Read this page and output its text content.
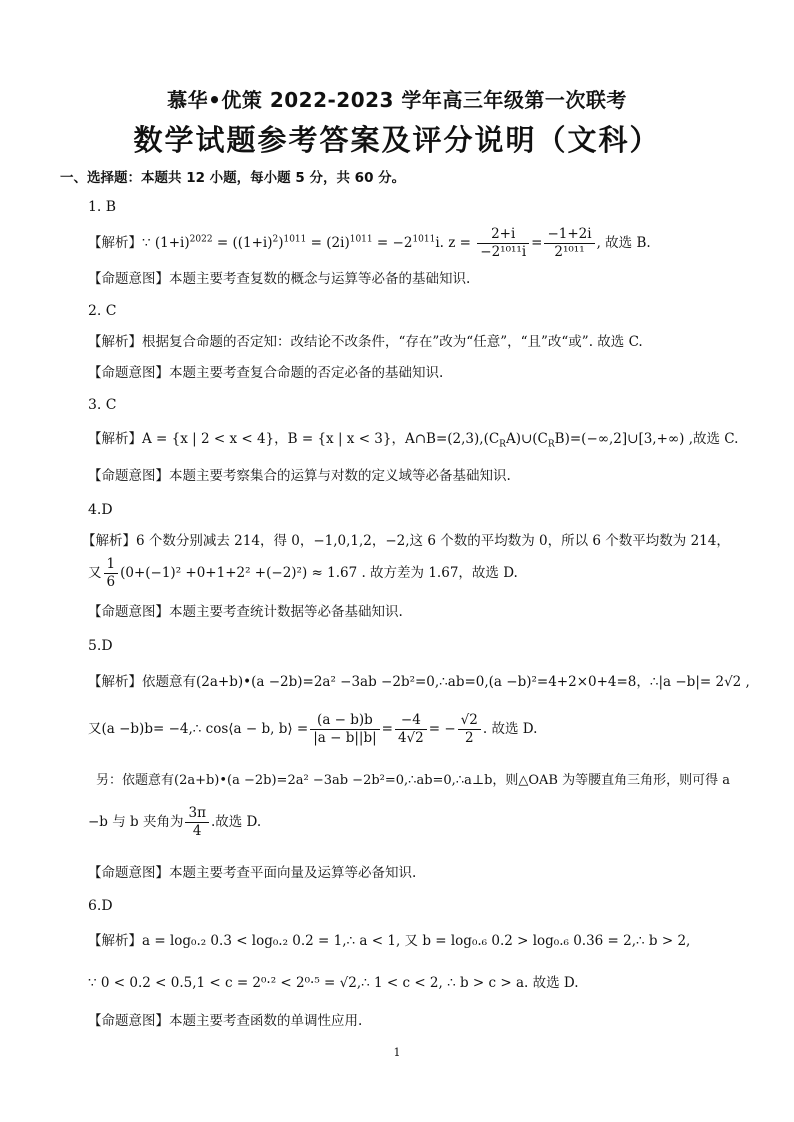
慕华•优策 2022-2023 学年高三年级第一次联考
数学试题参考答案及评分说明（文科）
一、选择题：本题共 12 小题，每小题 5 分，共 60 分。
1. B
【解析】∵ $(1+i)^{2022} = ((1+i)^2)^{1011} = (2i)^{1011} = -2^{1011}i$. $z = \frac{2+i}{\text{−2¹⁰¹¹i}} = \frac{-1+2i}{\text{2¹⁰¹¹}}$ , 故选 B.
【命题意图】本题主要考查复数的概念与运算等必备的基础知识.
2. C
【解析】根据复合命题的否定知：改结论不改条件，“存在”改为“任意”，“且”改“或”. 故选 C.
【命题意图】本题主要考查复合命题的否定必备的基础知识.
3. C
【解析】A = {x | 2 < x < 4}，B = {x | x < 3}，$A\cap B=(2,3),(C_RA)\cup(C_RB)=(-\infty,2]\cup[3,+\infty)$ ,故选 C.
【命题意图】本题主要考察集合的运算与对数的定义域等必备基础知识.
4.D
【解析】6 个数分别减去 214，得 0，−1,0,1,2，−2,这 6 个数的平均数为 0，所以 6 个数平均数为 214，
又 $\frac{1}{6} (0+(-1)^2 +0+1+2^2 +(-2)^2) \approx 1.67$ . 故方差为 1.67，故选 D.
【命题意图】本题主要考查统计数据等必备基础知识.
5.D
【解析】依题意有(2a+b)•(a −2b)=2a² −3ab −2b²=0,∴ab=0,(a −b)²=4+2×0+4=8，∴|a −b|= 2√2 ,
又(a −b)b= −4,∴ cos⟨a − b, b⟩ = $\frac{(a - b)b}{|a - b||b|} = \frac{-4}{4√2}$ = − $\frac{√2}{2}$ . 故选 D.
另：依题意有(2a+b)•(a −2b)=2a² −3ab −2b²=0,∴ab=0,∴a⊥b，则△OAB 为等腰直角三角形，则可得 a
−b 与 b 夹角为 $\frac{3\pi}{4}$ .故选 D.
【命题意图】本题主要考查平面向量及运算等必备知识.
6.D
【解析】a = log₀.₂ 0.3 < log₀.₂ 0.2 = 1,∴ a < 1, 又 b = log₀.₆ 0.2 > log₀.₆ 0.36 = 2,∴ b > 2,
∵ 0 < 0.2 < 0.5,1 < c = 2⁰·² < 2⁰·⁵ = √2,∴ 1 < c < 2, ∴ b > c > a. 故选 D.
【命题意图】本题主要考查函数的单调性应用.
1
